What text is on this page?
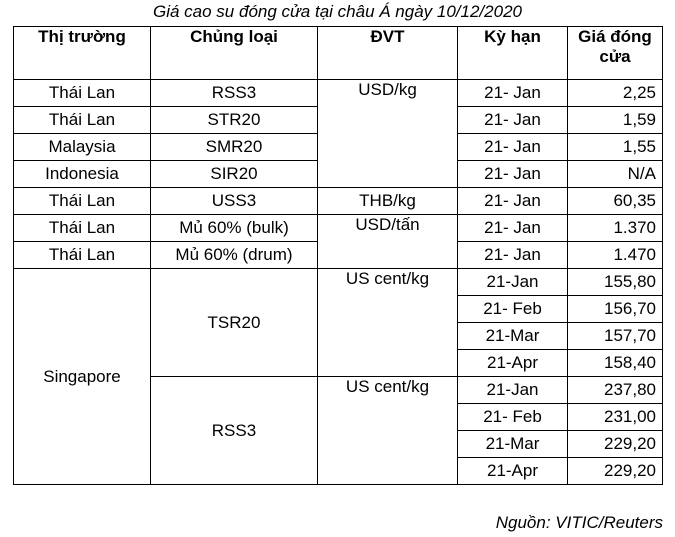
Giá cao su đóng cửa tại châu Á ngày 10/12/2020
Thị trường	Chủng loại	ĐVT	Kỳ hạn	Giá đóng cửa
Thái Lan	RSS3	USD/kg	21- Jan	2,25
Thái Lan	STR20		21- Jan	1,59
Malaysia	SMR20		21- Jan	1,55
Indonesia	SIR20		21- Jan	N/A
Thái Lan	USS3	THB/kg	21- Jan	60,35
Thái Lan	Mủ 60% (bulk)	USD/tấn	21- Jan	1.370
Thái Lan	Mủ 60% (drum)		21- Jan	1.470
Singapore	TSR20	US cent/kg	21-Jan	155,80
			21- Feb	156,70
			21-Mar	157,70
			21-Apr	158,40
	RSS3	US cent/kg	21-Jan	237,80
			21- Feb	231,00
			21-Mar	229,20
			21-Apr	229,20
Nguồn: VITIC/Reuters
